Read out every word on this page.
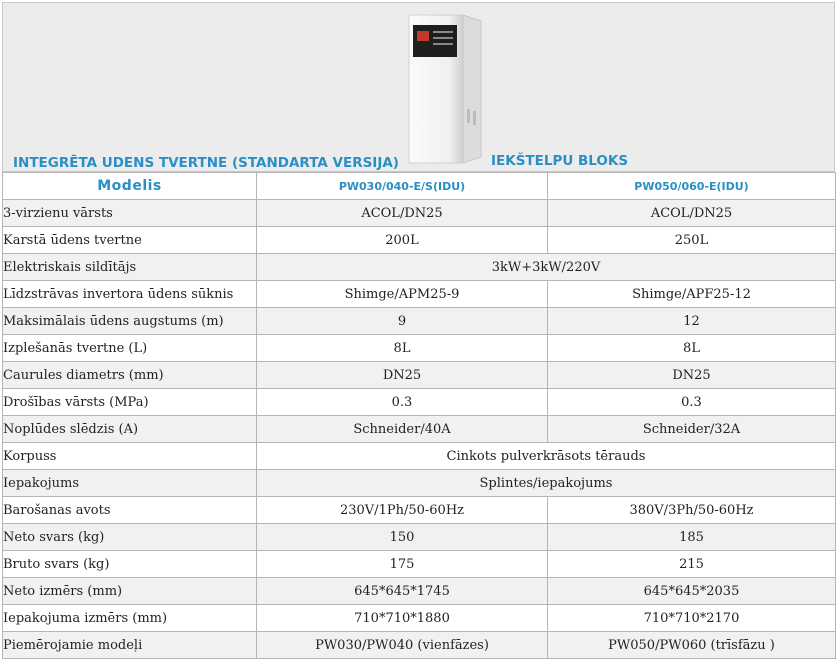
INTEGRĒTA UDENS TVERTNE (STANDARTA VERSIJA)	IEKŠTELPU BLOKS
Modelis	PW030/040-E/S(IDU)	PW050/060-E(IDU)
3-virzienu vārsts	ACOL/DN25	ACOL/DN25
Karstā ūdens tvertne	200L	250L
Elektriskais sildītājs	3kW+3kW/220V	
Līdzstrāvas invertora ūdens sūknis	Shimge/APM25-9	Shimge/APF25-12
Maksimālais ūdens augstums (m)	9	12
Izplešanās tvertne (L)	8L	8L
Caurules diametrs (mm)	DN25	DN25
Drošības vārsts (MPa)	0.3	0.3
Noplūdes slēdzis (A)	Schneider/40A	Schneider/32A
Korpuss	Cinkots pulverkrāsots tērauds	
Iepakojums	Splintes/iepakojums	
Barošanas avots	230V/1Ph/50-60Hz	380V/3Ph/50-60Hz
Neto svars (kg)	150	185
Bruto svars (kg)	175	215
Neto izmērs (mm)	645*645*1745	645*645*2035
Iepakojuma izmērs (mm)	710*710*1880	710*710*2170
Piemērojamie modeļi	PW030/PW040 (vienfāzes)	PW050/PW060 (trīsfāzu )
